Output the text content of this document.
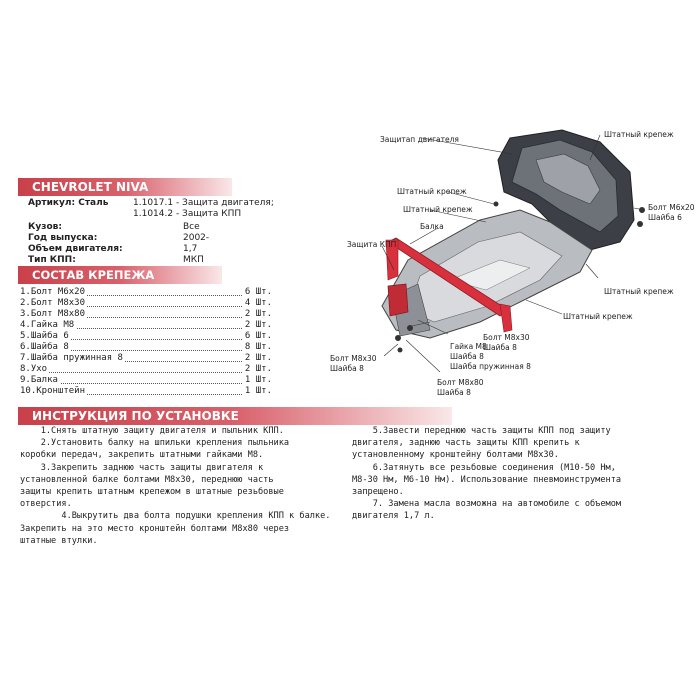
CHEVROLET NIVA
Артикул: Сталь	1.1017.1 - Защита двигателя;
1.1014.2 - Защита КПП
Кузов:	Все
Год выпуска:	2002-
Объем двигателя:	1,7
Тип КПП:	МКП
СОСТАВ КРЕПЕЖА
1.Болт М6х20	6 Шт.
2.Болт М8х30	4 Шт.
3.Болт М8х80	2 Шт.
4.Гайка М8	2 Шт.
5.Шайба 6	6 Шт.
6.Шайба 8	8 Шт.
7.Шайба пружинная 8	2 Шт.
8.Ухо	2 Шт.
9.Балка	1 Шт.
10.Кронштейн	1 Шт.
ИНСТРУКЦИЯ ПО УСТАНОВКЕ

1.Снять штатную защиту двигателя и пыльник КПП.

2.Установить балку на шпильки крепления пыльника

коробки передач, закрепить штатными гайками М8.

3.Закрепить заднюю часть защиты двигателя к

установленной балке болтами М8х30, переднюю часть

защиты крепить штатным крепежом в штатные резьбовые

отверстия.

4.Выкрутить два болта подушки крепления КПП к балке.

Закрепить на это место кронштейн болтами М8х80 через

штатные втулки.

5.Завести переднюю часть защиты КПП под защиту

двигателя, заднюю часть защиты КПП крепить к

установленному кронштейну болтами М8х30.

6.Затянуть все резьбовые соединения (М10-50 Нм,

М8-30 Нм, М6-10 Нм). Использование пневмоинструмента

запрещено.

7. Замена масла возможна на автомобиле с объемом

двигателя 1,7 л.

Защитап двигателя
Штатный крепеж
Штатный крепеж
Штатный крепеж
Балка
Защита КПП
Болт М6х20
Шайба 6
Штатный крепеж
Штатный крепеж
Болт М8х30
Шайба 8
Гайка М8
Шайба 8
Шайба пружинная 8
Болт М8х30
Шайба 8
Болт М8х80
Шайба 8
